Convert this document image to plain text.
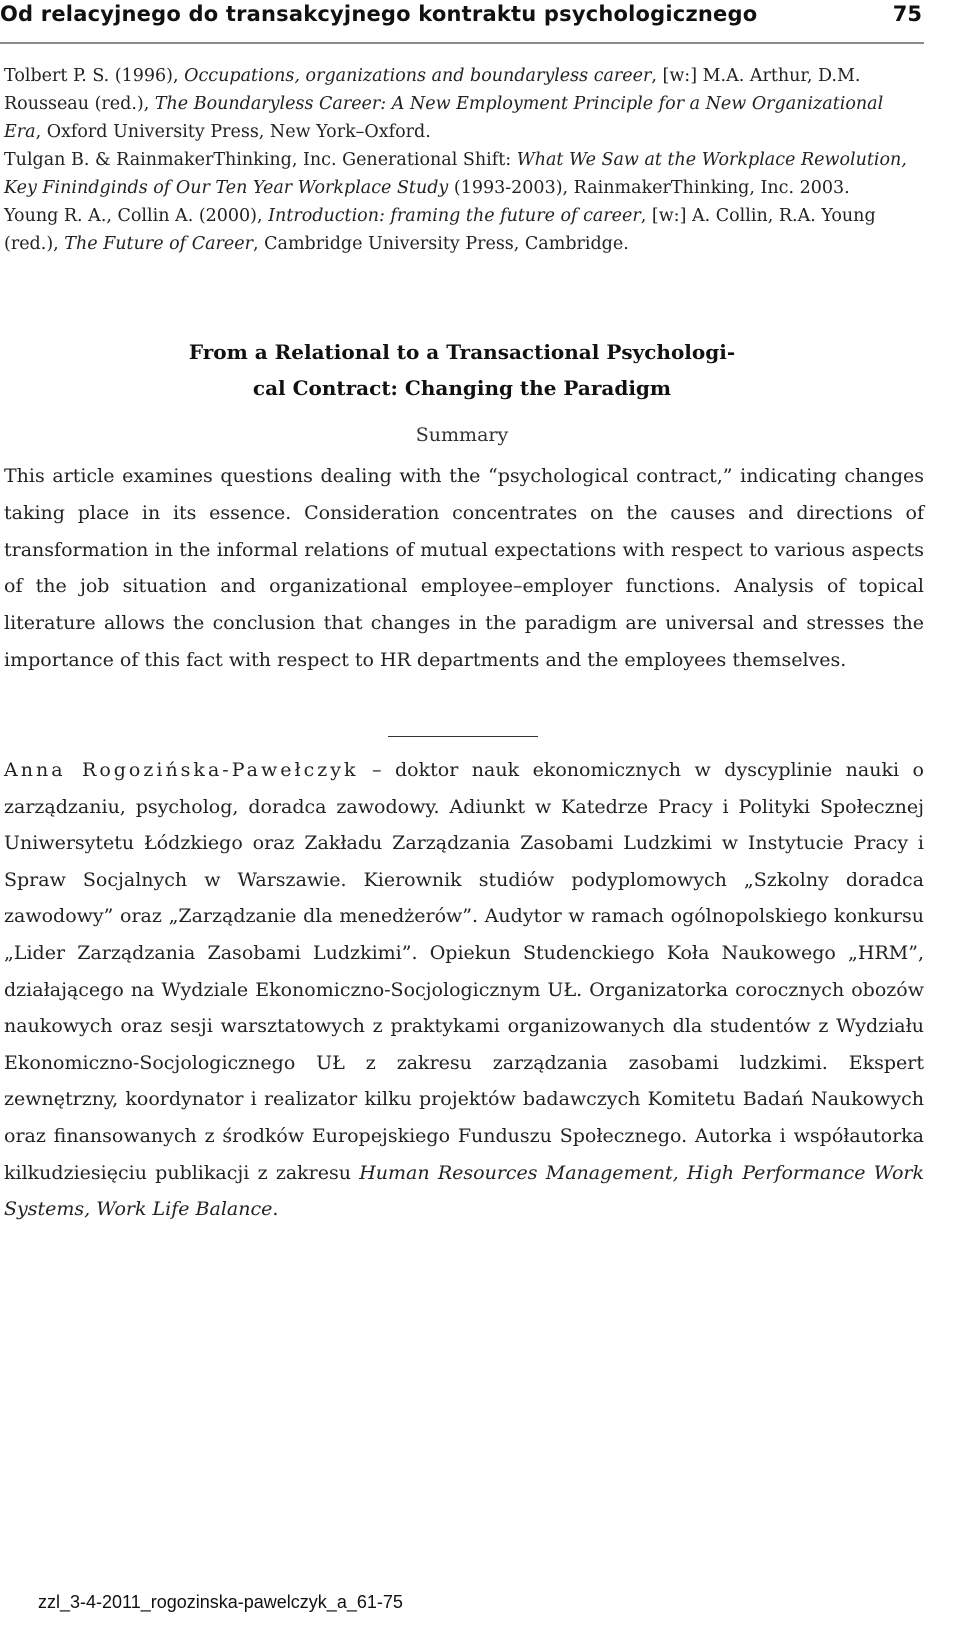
Od relacyjnego do transakcyjnego kontraktu psychologicznego	75

Tolbert P. S. (1996), Occupations, organizations and boundaryless career, [w:] M.A. Arthur, D.M. Rousseau (red.), The Boundaryless Career: A New Employment Principle for a New Organizational Era, Oxford University Press, New York–Oxford.

Tulgan B. & RainmakerThinking, Inc. Generational Shift: What We Saw at the Workplace Rewolution, Key Finindginds of Our Ten Year Workplace Study (1993-2003), RainmakerThinking, Inc. 2003.

Young R. A., Collin A. (2000), Introduction: framing the future of career, [w:] A. Collin, R.A. Young (red.), The Future of Career, Cambridge University Press, Cambridge.

From a Relational to a Transactional Psychologi-
cal Contract: Changing the Paradigm
Summary

This article examines questions dealing with the “psychological contract,” indicating changes taking place in its essence. Consideration concentrates on the causes and directions of transformation in the informal relations of mutual expectations with respect to various aspects of the job situation and organizational employee–employer functions. Analysis of topical literature allows the conclusion that changes in the paradigm are universal and stresses the importance of this fact with respect to HR departments and the employees themselves.

Anna Rogozińska-Pawełczyk – doktor nauk ekonomicznych w dyscyplinie nauki o zarządzaniu, psycholog, doradca zawodowy. Adiunkt w Katedrze Pracy i Polityki Społecznej Uniwersytetu Łódzkiego oraz Zakładu Zarządzania Zasobami Ludzkimi w Instytucie Pracy i Spraw Socjalnych w Warszawie. Kierownik studiów podyplomowych „Szkolny doradca zawodowy” oraz „Zarządzanie dla menedżerów”. Audytor w ramach ogólnopolskiego konkursu „Lider Zarządzania Zasobami Ludzkimi”. Opiekun Studenckiego Koła Naukowego „HRM”, działającego na Wydziale Ekonomiczno-Socjologicznym UŁ. Organizatorka corocznych obozów naukowych oraz sesji warsztatowych z praktykami organizowanych dla studentów z Wydziału Ekonomiczno-Socjologicznego UŁ z zakresu zarządzania zasobami ludzkimi. Ekspert zewnętrzny, koordynator i realizator kilku projektów badawczych Komitetu Badań Naukowych oraz finansowanych z środków Europejskiego Funduszu Społecznego. Autorka i współautorka kilkudziesięciu publikacji z zakresu Human Resources Management, High Performance Work Systems, Work Life Balance.

zzl_3-4-2011_rogozinska-pawelczyk_a_61-75
